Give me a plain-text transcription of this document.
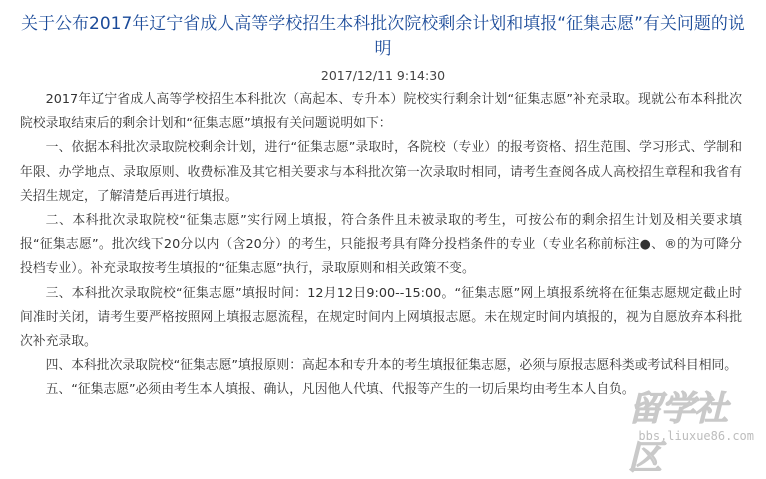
关于公布2017年辽宁省成人高等学校招生本科批次院校剩余计划和填报“征集志愿”有关问题的说明
2017/12/11 9:14:30

2017年辽宁省成人高等学校招生本科批次（高起本、专升本）院校实行剩余计划“征集志愿”补充录取。现就公布本科批次院校录取结束后的剩余计划和“征集志愿”填报有关问题说明如下：

一、依据本科批次录取院校剩余计划，进行“征集志愿”录取时，各院校（专业）的报考资格、招生范围、学习形式、学制和年限、办学地点、录取原则、收费标准及其它相关要求与本科批次第一次录取时相同，请考生查阅各成人高校招生章程和我省有关招生规定，了解清楚后再进行填报。

二、本科批次录取院校“征集志愿”实行网上填报，符合条件且未被录取的考生，可按公布的剩余招生计划及相关要求填报“征集志愿”。批次线下20分以内（含20分）的考生，只能报考具有降分投档条件的专业（专业名称前标注●、®的为可降分投档专业）。补充录取按考生填报的“征集志愿”执行，录取原则和相关政策不变。

三、本科批次录取院校“征集志愿”填报时间：12月12日9:00--15:00。“征集志愿”网上填报系统将在征集志愿规定截止时间准时关闭，请考生要严格按照网上填报志愿流程，在规定时间内上网填报志愿。未在规定时间内填报的，视为自愿放弃本科批次补充录取。

四、本科批次录取院校“征集志愿”填报原则：高起本和专升本的考生填报征集志愿，必须与原报志愿科类或考试科目相同。

五、“征集志愿”必须由考生本人填报、确认，凡因他人代填、代报等产生的一切后果均由考生本人自负。

留学社区
bbs.liuxue86.com
